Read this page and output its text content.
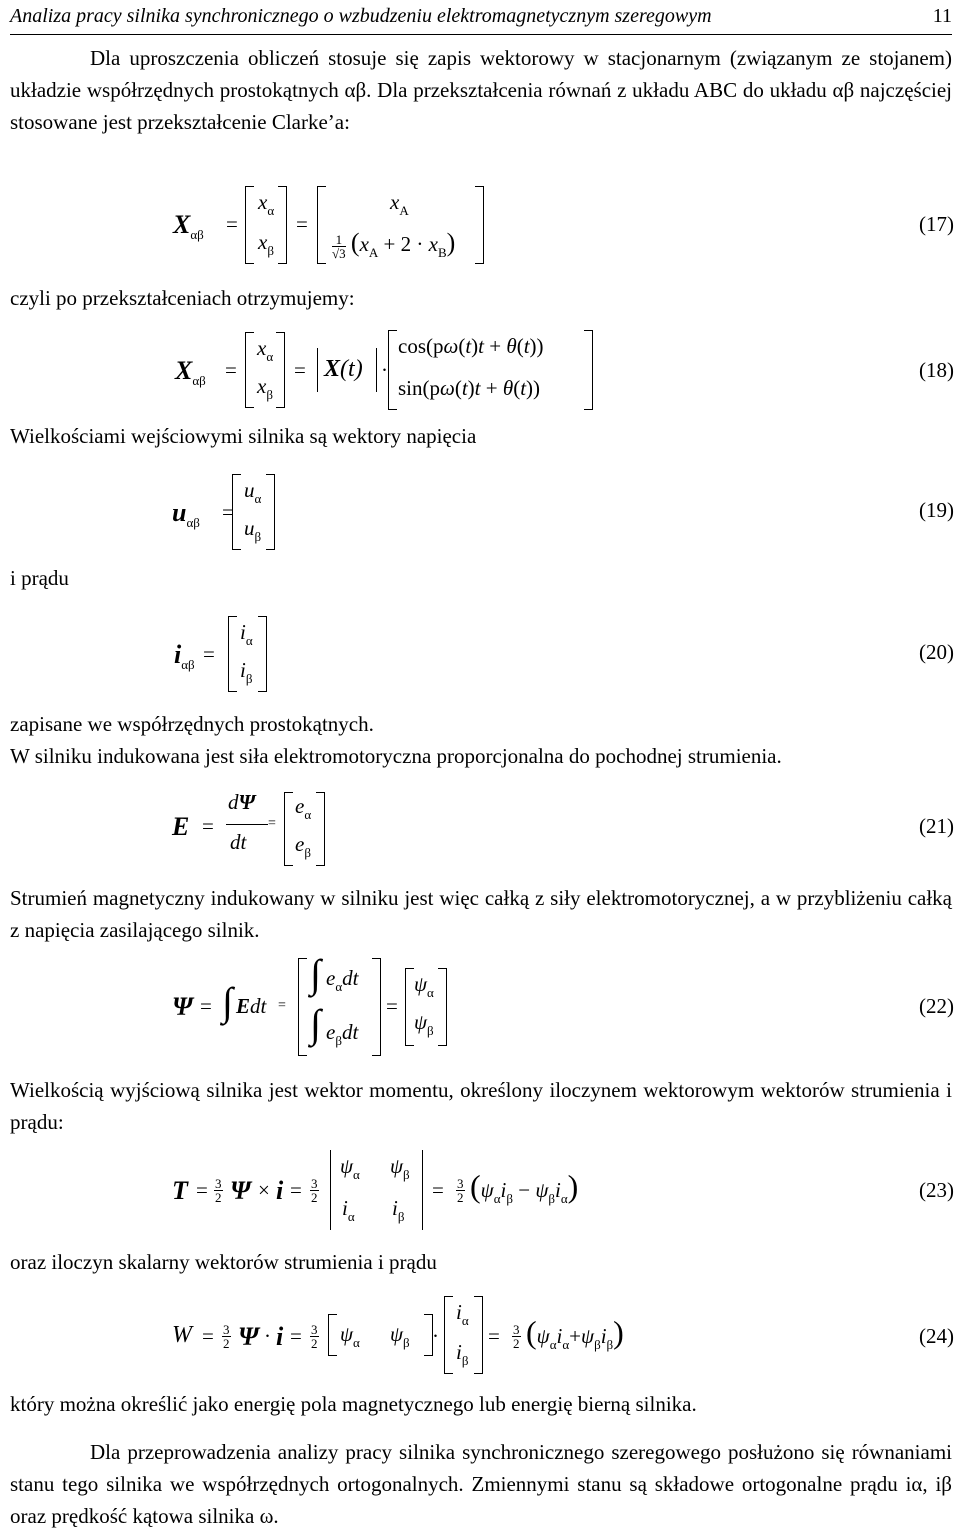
Analiza pracy silnika synchronicznego o wzbudzeniu elektromagnetycznym szeregowym	11
Dla uproszczenia obliczeń stosuje się zapis wektorowy w stacjonarnym (związanym ze stojanem) układzie współrzędnych prostokątnych αβ. Dla przekształcenia równań z układu ABC do układu αβ najczęściej stosowane jest przekształcenie Clarke’a:
$X_{\alpha\beta}$ =
$x_\alpha$
$x_\beta$
=
$x_A$
$\frac{1}{√3} (x_A + 2 \cdot x_B)$
(17)
czyli po przekształceniach otrzymujemy:
$X_{\alpha\beta}$ =
$x_\alpha$
$x_\beta$
= X(t) ·
cos(pω(t)t + θ(t))
sin(pω(t)t + θ(t))
(18)
Wielkościami wejściowymi silnika są wektory napięcia
$u_{\alpha\beta}$ =
$u_\alpha$
$u_\beta$
(19)
i prądu
$i_{\alpha\beta}$ =
$i_\alpha$
$i_\beta$
(20)
zapisane we współrzędnych prostokątnych.
W silniku indukowana jest siła elektromotoryczna proporcjonalna do pochodnej strumienia.
E =
dΨ
dt
=
$e_\alpha$
$e_\beta$
(21)
Strumień magnetyczny indukowany w silniku jest więc całką z siły elektromotorycznej, a w przybliżeniu całką z napięcia zasilającego silnik.
Ψ = ∫ Edt =
∫ $e_\alpha dt$
∫ $e_\beta dt$
=
$\psi_\alpha$
$\psi_\beta$
(22)
Wielkością wyjściową silnika jest wektor momentu, określony iloczynem wektorowym wektorów strumienia i prądu:
$T = \frac{3}{2}$ $\Psi \times i = \frac{3}{2}$
$\psi_\alpha$ $\psi_\beta$
$i_\alpha$ $i_\beta$
= $\frac{3}{2} (\psi_\alpha i_\beta - \psi_\beta i_\alpha)$	(23)
oraz iloczyn skalarny wektorów strumienia i prądu
$W = \frac{3}{2}$ $\Psi \cdot i = \frac{3}{2} \psi_\alpha$ $\psi_\beta$ ·
$i_\alpha$
$i_\beta$
= $\frac{3}{2} (\psi_\alpha i_\alpha+\psi_\beta i_\beta)$	(24)
który można określić jako energię pola magnetycznego lub energię bierną silnika.
Dla przeprowadzenia analizy pracy silnika synchronicznego szeregowego posłużono się równaniami stanu tego silnika we współrzędnych ortogonalnych. Zmiennymi stanu są składowe ortogonalne prądu iα, iβ oraz prędkość kątowa silnika ω.
